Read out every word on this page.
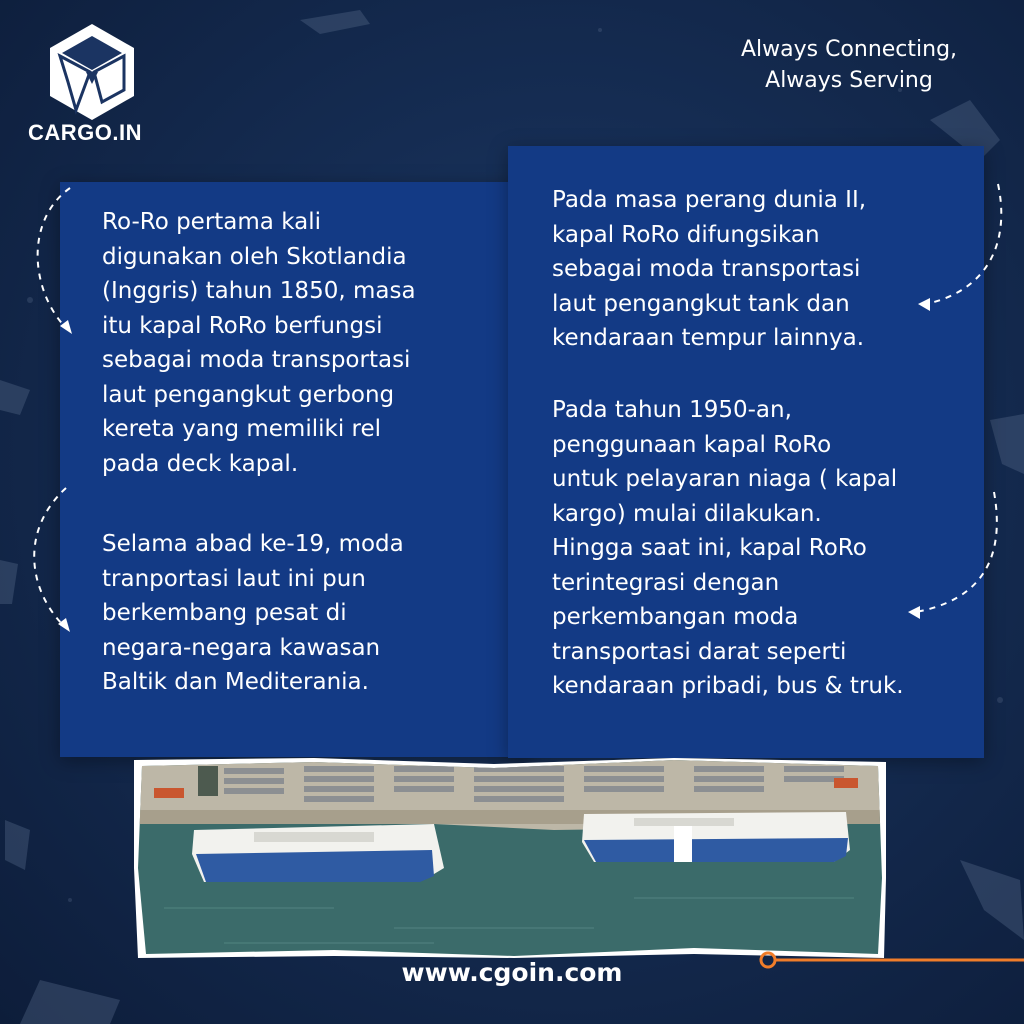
CARGO.IN
Always Connecting,
Always Serving

Ro-Ro pertama kali
digunakan oleh Skotlandia
(Inggris) tahun 1850, masa
itu kapal RoRo berfungsi
sebagai moda transportasi
laut pengangkut gerbong
kereta yang memiliki rel
pada deck kapal.

Selama abad ke-19, moda
tranportasi laut ini pun
berkembang pesat di
negara-negara kawasan
Baltik dan Mediterania.

Pada masa perang dunia II,
kapal RoRo difungsikan
sebagai moda transportasi
laut pengangkut tank dan
kendaraan tempur lainnya.

Pada tahun 1950-an,
penggunaan kapal RoRo
untuk pelayaran niaga ( kapal
kargo) mulai dilakukan.
Hingga saat ini, kapal RoRo
terintegrasi dengan
perkembangan moda
transportasi darat seperti
kendaraan pribadi, bus & truk.

www.cgoin.com
